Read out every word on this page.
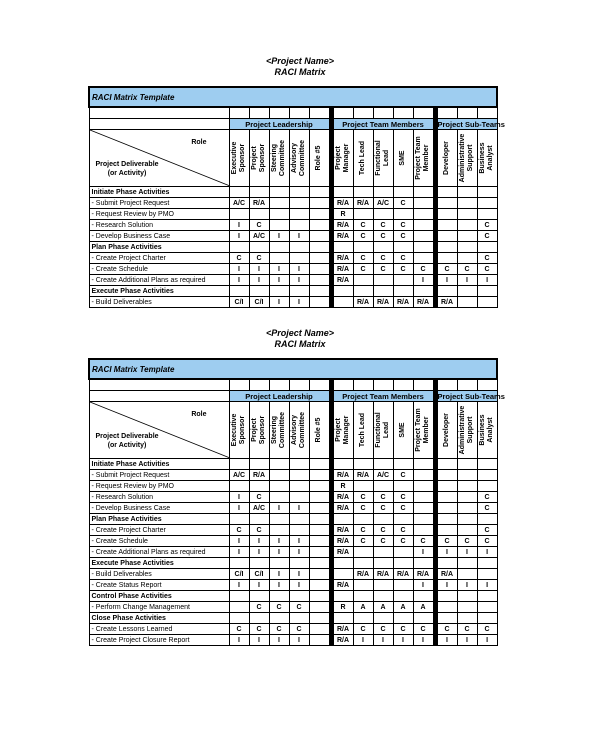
<Project Name>
RACI Matrix
RACI Matrix Template															

	Project Leadership						Project Team Members						Project Sub-Teams		

Role
Project Deliverable
(or Activity)	Executive Sponsor	Project Sponsor	Steering Committee	Advisory Committee	Role #5		Project Manager	Tech Lead	Functional Lead	SME	Project Team Member		Developer	Administrative Support	Business Analyst

Initiate Phase Activities															
- Submit Project Request	A/C	R/A					R/A	R/A	A/C	C					
- Request Review by PMO							R								
- Research Solution	I	C					R/A	C	C	C					C
- Develop Business Case	I	A/C	I	I			R/A	C	C	C					C
Plan Phase Activities															
- Create Project Charter	C	C					R/A	C	C	C					C
- Create Schedule	I	I	I	I			R/A	C	C	C	C		C	C	C
- Create Additional Plans as required	I	I	I	I			R/A				I		I	I	I
Execute Phase Activities															
- Build Deliverables	C/I	C/I	I	I				R/A	R/A	R/A	R/A		R/A		
<Project Name>
RACI Matrix
RACI Matrix Template															

	Project Leadership						Project Team Members						Project Sub-Teams		

Role
Project Deliverable
(or Activity)	Executive Sponsor	Project Sponsor	Steering Committee	Advisory Committee	Role #5		Project Manager	Tech Lead	Functional Lead	SME	Project Team Member		Developer	Administrative Support	Business Analyst

Initiate Phase Activities															
- Submit Project Request	A/C	R/A					R/A	R/A	A/C	C					
- Request Review by PMO							R								
- Research Solution	I	C					R/A	C	C	C					C
- Develop Business Case	I	A/C	I	I			R/A	C	C	C					C
Plan Phase Activities															
- Create Project Charter	C	C					R/A	C	C	C					C
- Create Schedule	I	I	I	I			R/A	C	C	C	C		C	C	C
- Create Additional Plans as required	I	I	I	I			R/A				I		I	I	I
Execute Phase Activities															
- Build Deliverables	C/I	C/I	I	I				R/A	R/A	R/A	R/A		R/A		
- Create Status Report	I	I	I	I			R/A				I		I	I	I
Control Phase Activities															
- Perform Change Management		C	C	C			R	A	A	A	A				
Close Phase Activities															
- Create Lessons Learned	C	C	C	C			R/A	C	C	C	C		C	C	C
- Create Project Closure Report	I	I	I	I			R/A	I	I	I	I		I	I	I
